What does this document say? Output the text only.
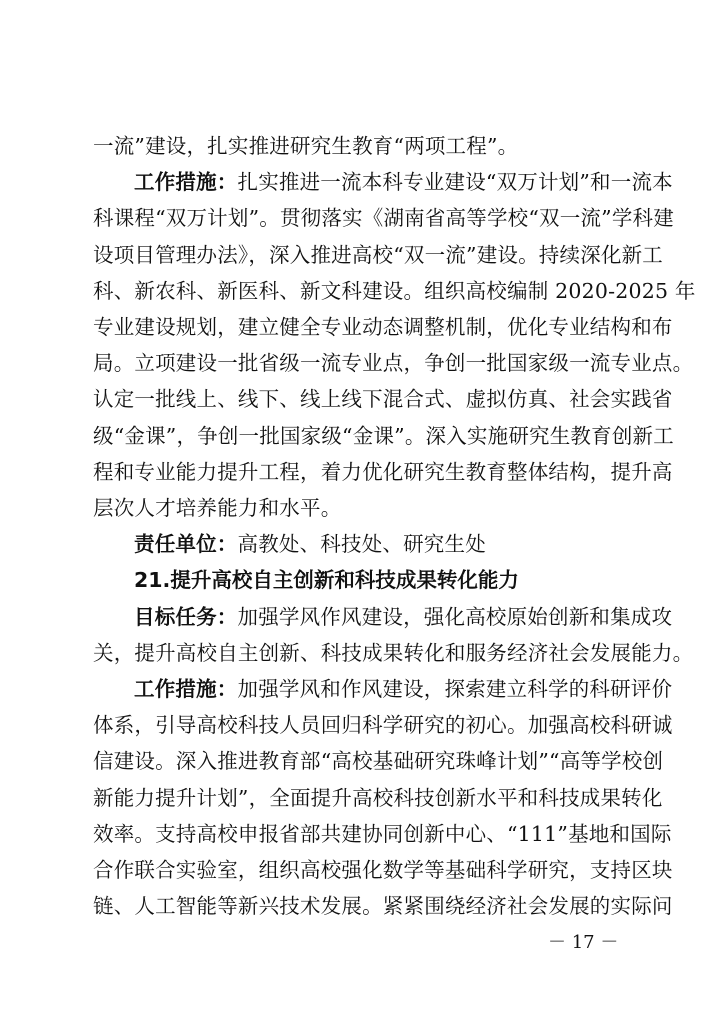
一流”建设，扎实推进研究生教育“两项工程”。
工作措施：扎实推进一流本科专业建设“双万计划”和一流本
科课程“双万计划”。贯彻落实《湖南省高等学校“双一流”学科建
设项目管理办法》，深入推进高校“双一流”建设。持续深化新工
科、新农科、新医科、新文科建设。组织高校编制 2020-2025 年
专业建设规划，建立健全专业动态调整机制，优化专业结构和布
局。立项建设一批省级一流专业点，争创一批国家级一流专业点。
认定一批线上、线下、线上线下混合式、虚拟仿真、社会实践省
级“金课”，争创一批国家级“金课”。深入实施研究生教育创新工
程和专业能力提升工程，着力优化研究生教育整体结构，提升高
层次人才培养能力和水平。
责任单位：高教处、科技处、研究生处
21.提升高校自主创新和科技成果转化能力
目标任务：加强学风作风建设，强化高校原始创新和集成攻
关，提升高校自主创新、科技成果转化和服务经济社会发展能力。
工作措施：加强学风和作风建设，探索建立科学的科研评价
体系，引导高校科技人员回归科学研究的初心。加强高校科研诚
信建设。深入推进教育部“高校基础研究珠峰计划”“高等学校创
－ 17 －
新能力提升计划”，全面提升高校科技创新水平和科技成果转化
效率。支持高校申报省部共建协同创新中心、“111”基地和国际
合作联合实验室，组织高校强化数学等基础科学研究，支持区块
链、人工智能等新兴技术发展。紧紧围绕经济社会发展的实际问
